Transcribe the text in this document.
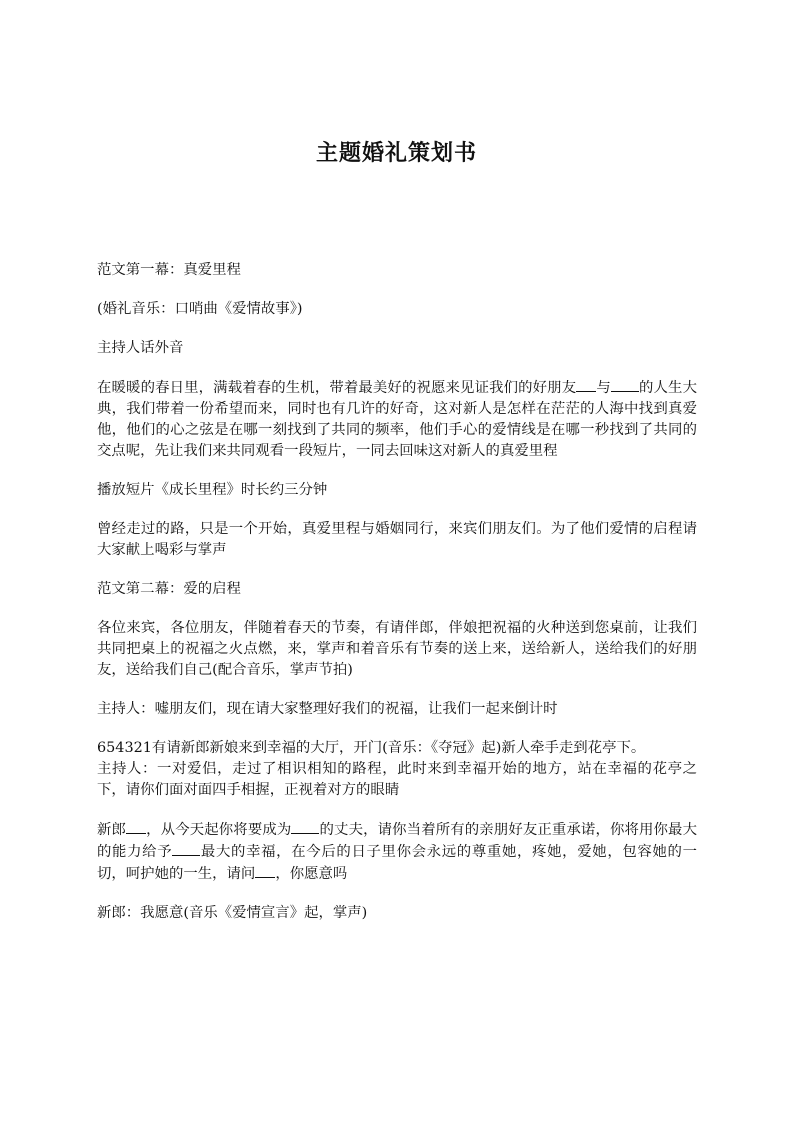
主题婚礼策划书

范文第一幕：真爱里程

(婚礼音乐：口哨曲《爱情故事》)

主持人话外音

在暖暖的春日里，满载着春的生机，带着最美好的祝愿来见证我们的好朋友 与 的人生大典，我们带着一份希望而来，同时也有几许的好奇，这对新人是怎样在茫茫的人海中找到真爱他，他们的心之弦是在哪一刻找到了共同的频率，他们手心的爱情线是在哪一秒找到了共同的交点呢，先让我们来共同观看一段短片，一同去回味这对新人的真爱里程

播放短片《成长里程》时长约三分钟

曾经走过的路，只是一个开始，真爱里程与婚姻同行，来宾们朋友们。为了他们爱情的启程请大家献上喝彩与掌声

范文第二幕：爱的启程

各位来宾，各位朋友，伴随着春天的节奏，有请伴郎，伴娘把祝福的火种送到您桌前，让我们共同把桌上的祝福之火点燃，来，掌声和着音乐有节奏的送上来，送给新人，送给我们的好朋友，送给我们自己(配合音乐，掌声节拍)

主持人：嘘朋友们，现在请大家整理好我们的祝福，让我们一起来倒计时

654321有请新郎新娘来到幸福的大厅，开门(音乐：《夺冠》起)新人牵手走到花亭下。

主持人：一对爱侣，走过了相识相知的路程，此时来到幸福开始的地方，站在幸福的花亭之下，请你们面对面四手相握，正视着对方的眼睛

新郎 ，从今天起你将要成为 的丈夫，请你当着所有的亲朋好友正重承诺，你将用你最大的能力给予 最大的幸福，在今后的日子里你会永远的尊重她，疼她，爱她，包容她的一切，呵护她的一生，请问 ，你愿意吗

新郎：我愿意(音乐《爱情宣言》起，掌声)
